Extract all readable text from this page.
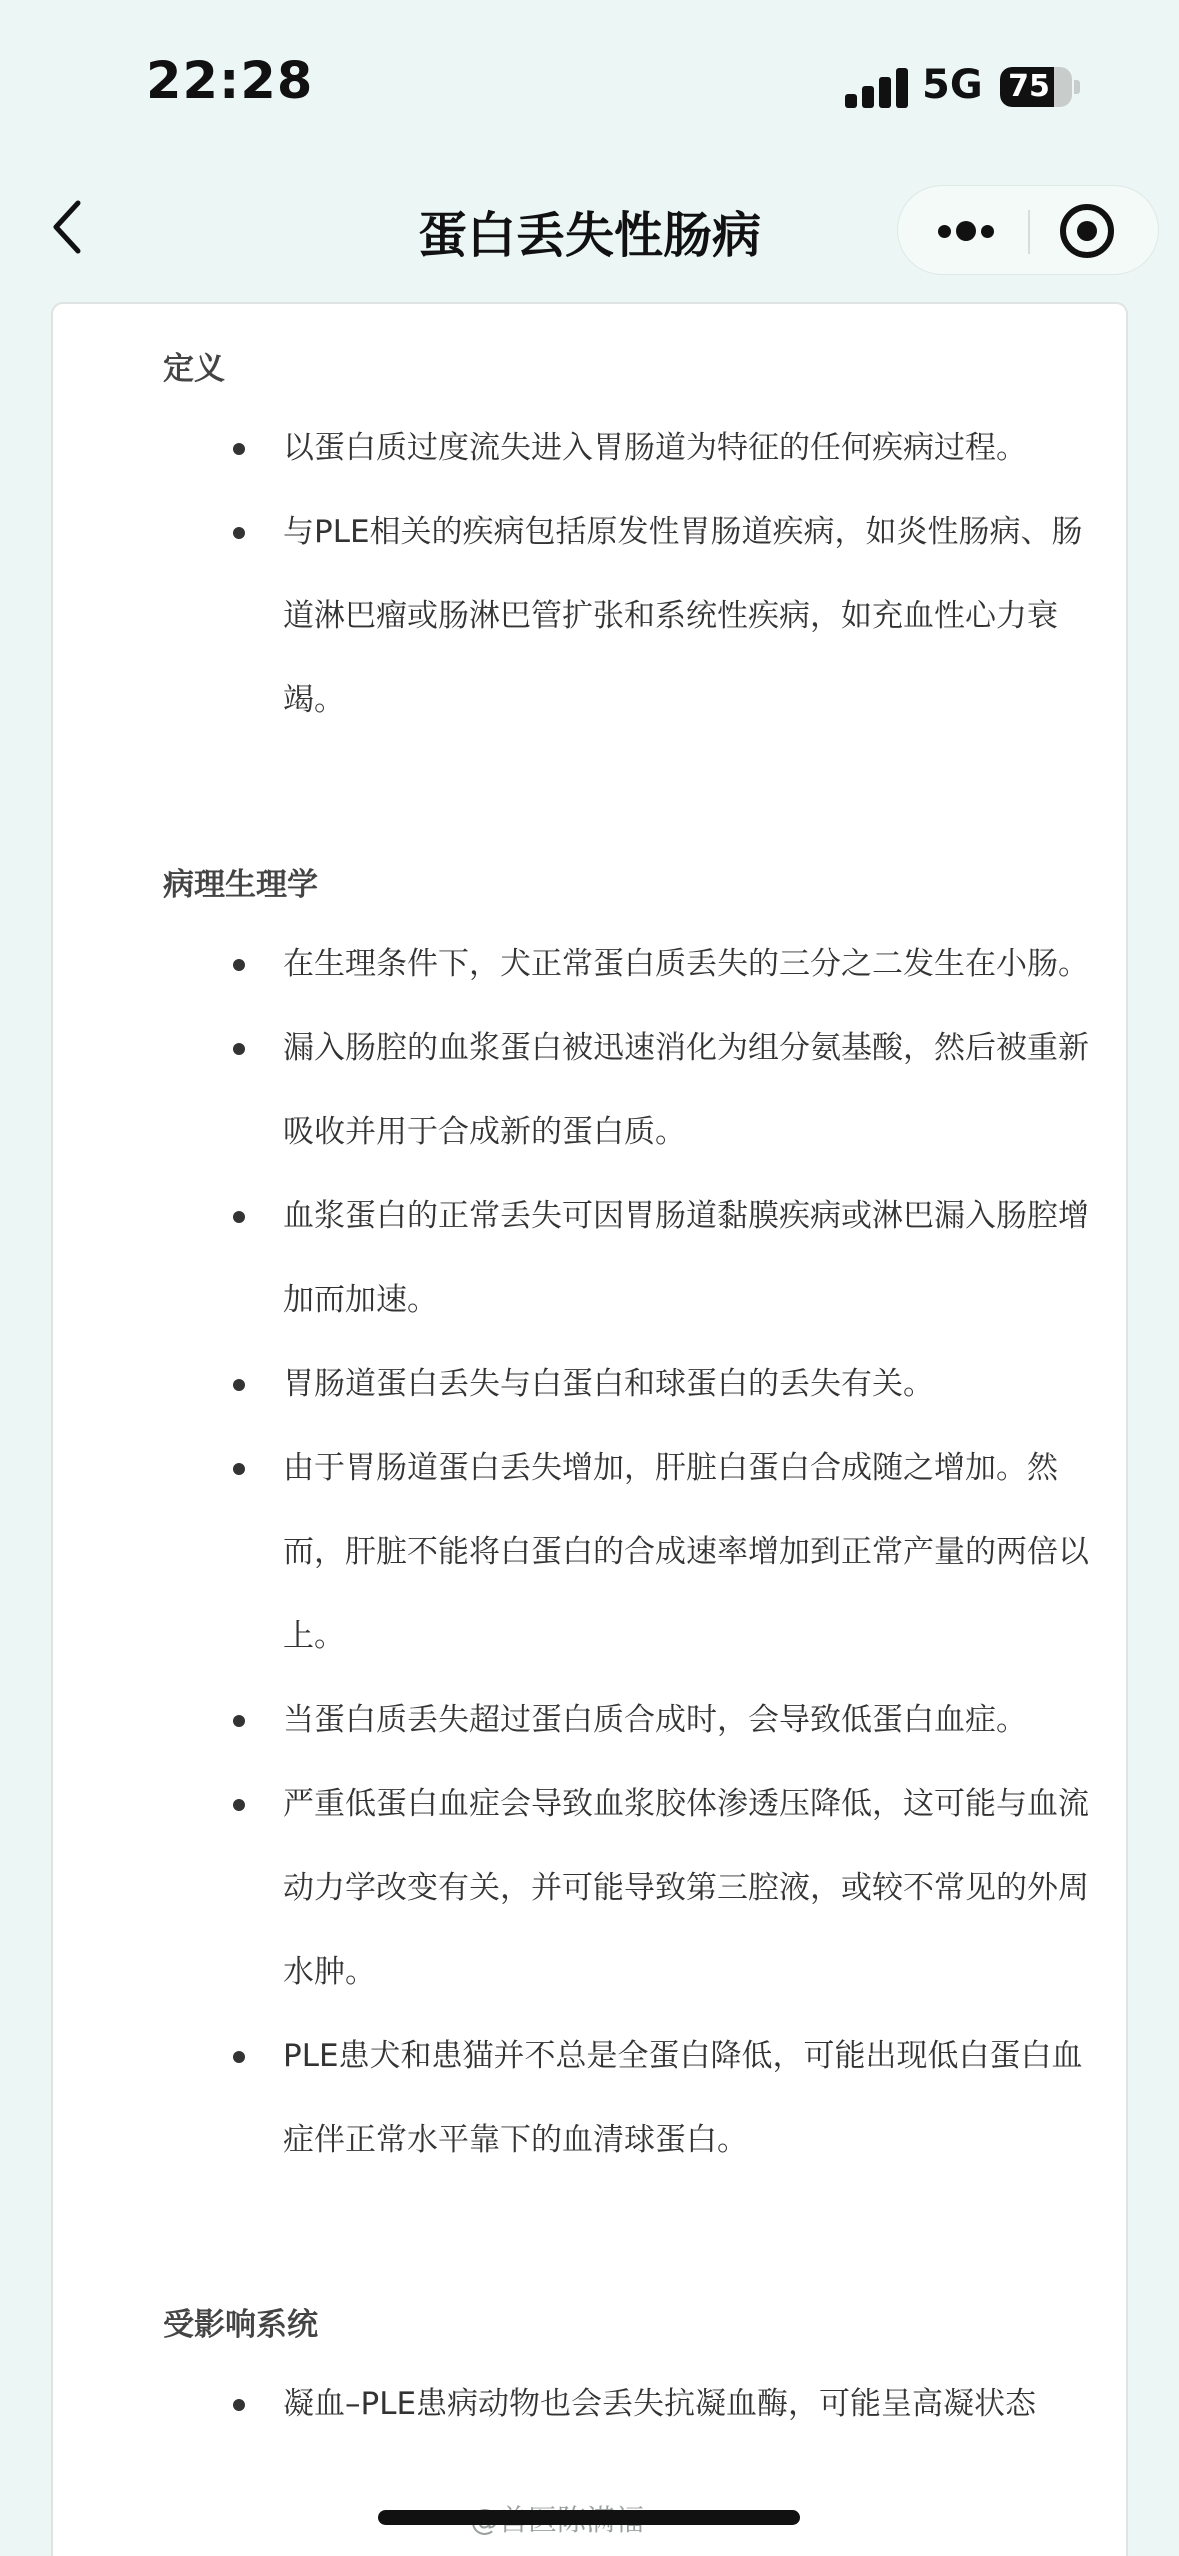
22:28	5G 75
蛋白丢失性肠病
定义
以蛋白质过度流失进入胃肠道为特征的任何疾病过程。
与PLE相关的疾病包括原发性胃肠道疾病，如炎性肠病、肠道淋巴瘤或肠淋巴管扩张和系统性疾病，如充血性心力衰竭。
病理生理学
在生理条件下，犬正常蛋白质丢失的三分之二发生在小肠。
漏入肠腔的血浆蛋白被迅速消化为组分氨基酸，然后被重新吸收并用于合成新的蛋白质。
血浆蛋白的正常丢失可因胃肠道黏膜疾病或淋巴漏入肠腔增加而加速。
胃肠道蛋白丢失与白蛋白和球蛋白的丢失有关。
由于胃肠道蛋白丢失增加，肝脏白蛋白合成随之增加。然而，肝脏不能将白蛋白的合成速率增加到正常产量的两倍以上。
当蛋白质丢失超过蛋白质合成时，会导致低蛋白血症。
严重低蛋白血症会导致血浆胶体渗透压降低，这可能与血流动力学改变有关，并可能导致第三腔液，或较不常见的外周水肿。
PLE患犬和患猫并不总是全蛋白降低，可能出现低白蛋白血症伴正常水平靠下的血清球蛋白。
受影响系统
凝血–PLE患病动物也会丢失抗凝血酶，可能呈高凝状态
